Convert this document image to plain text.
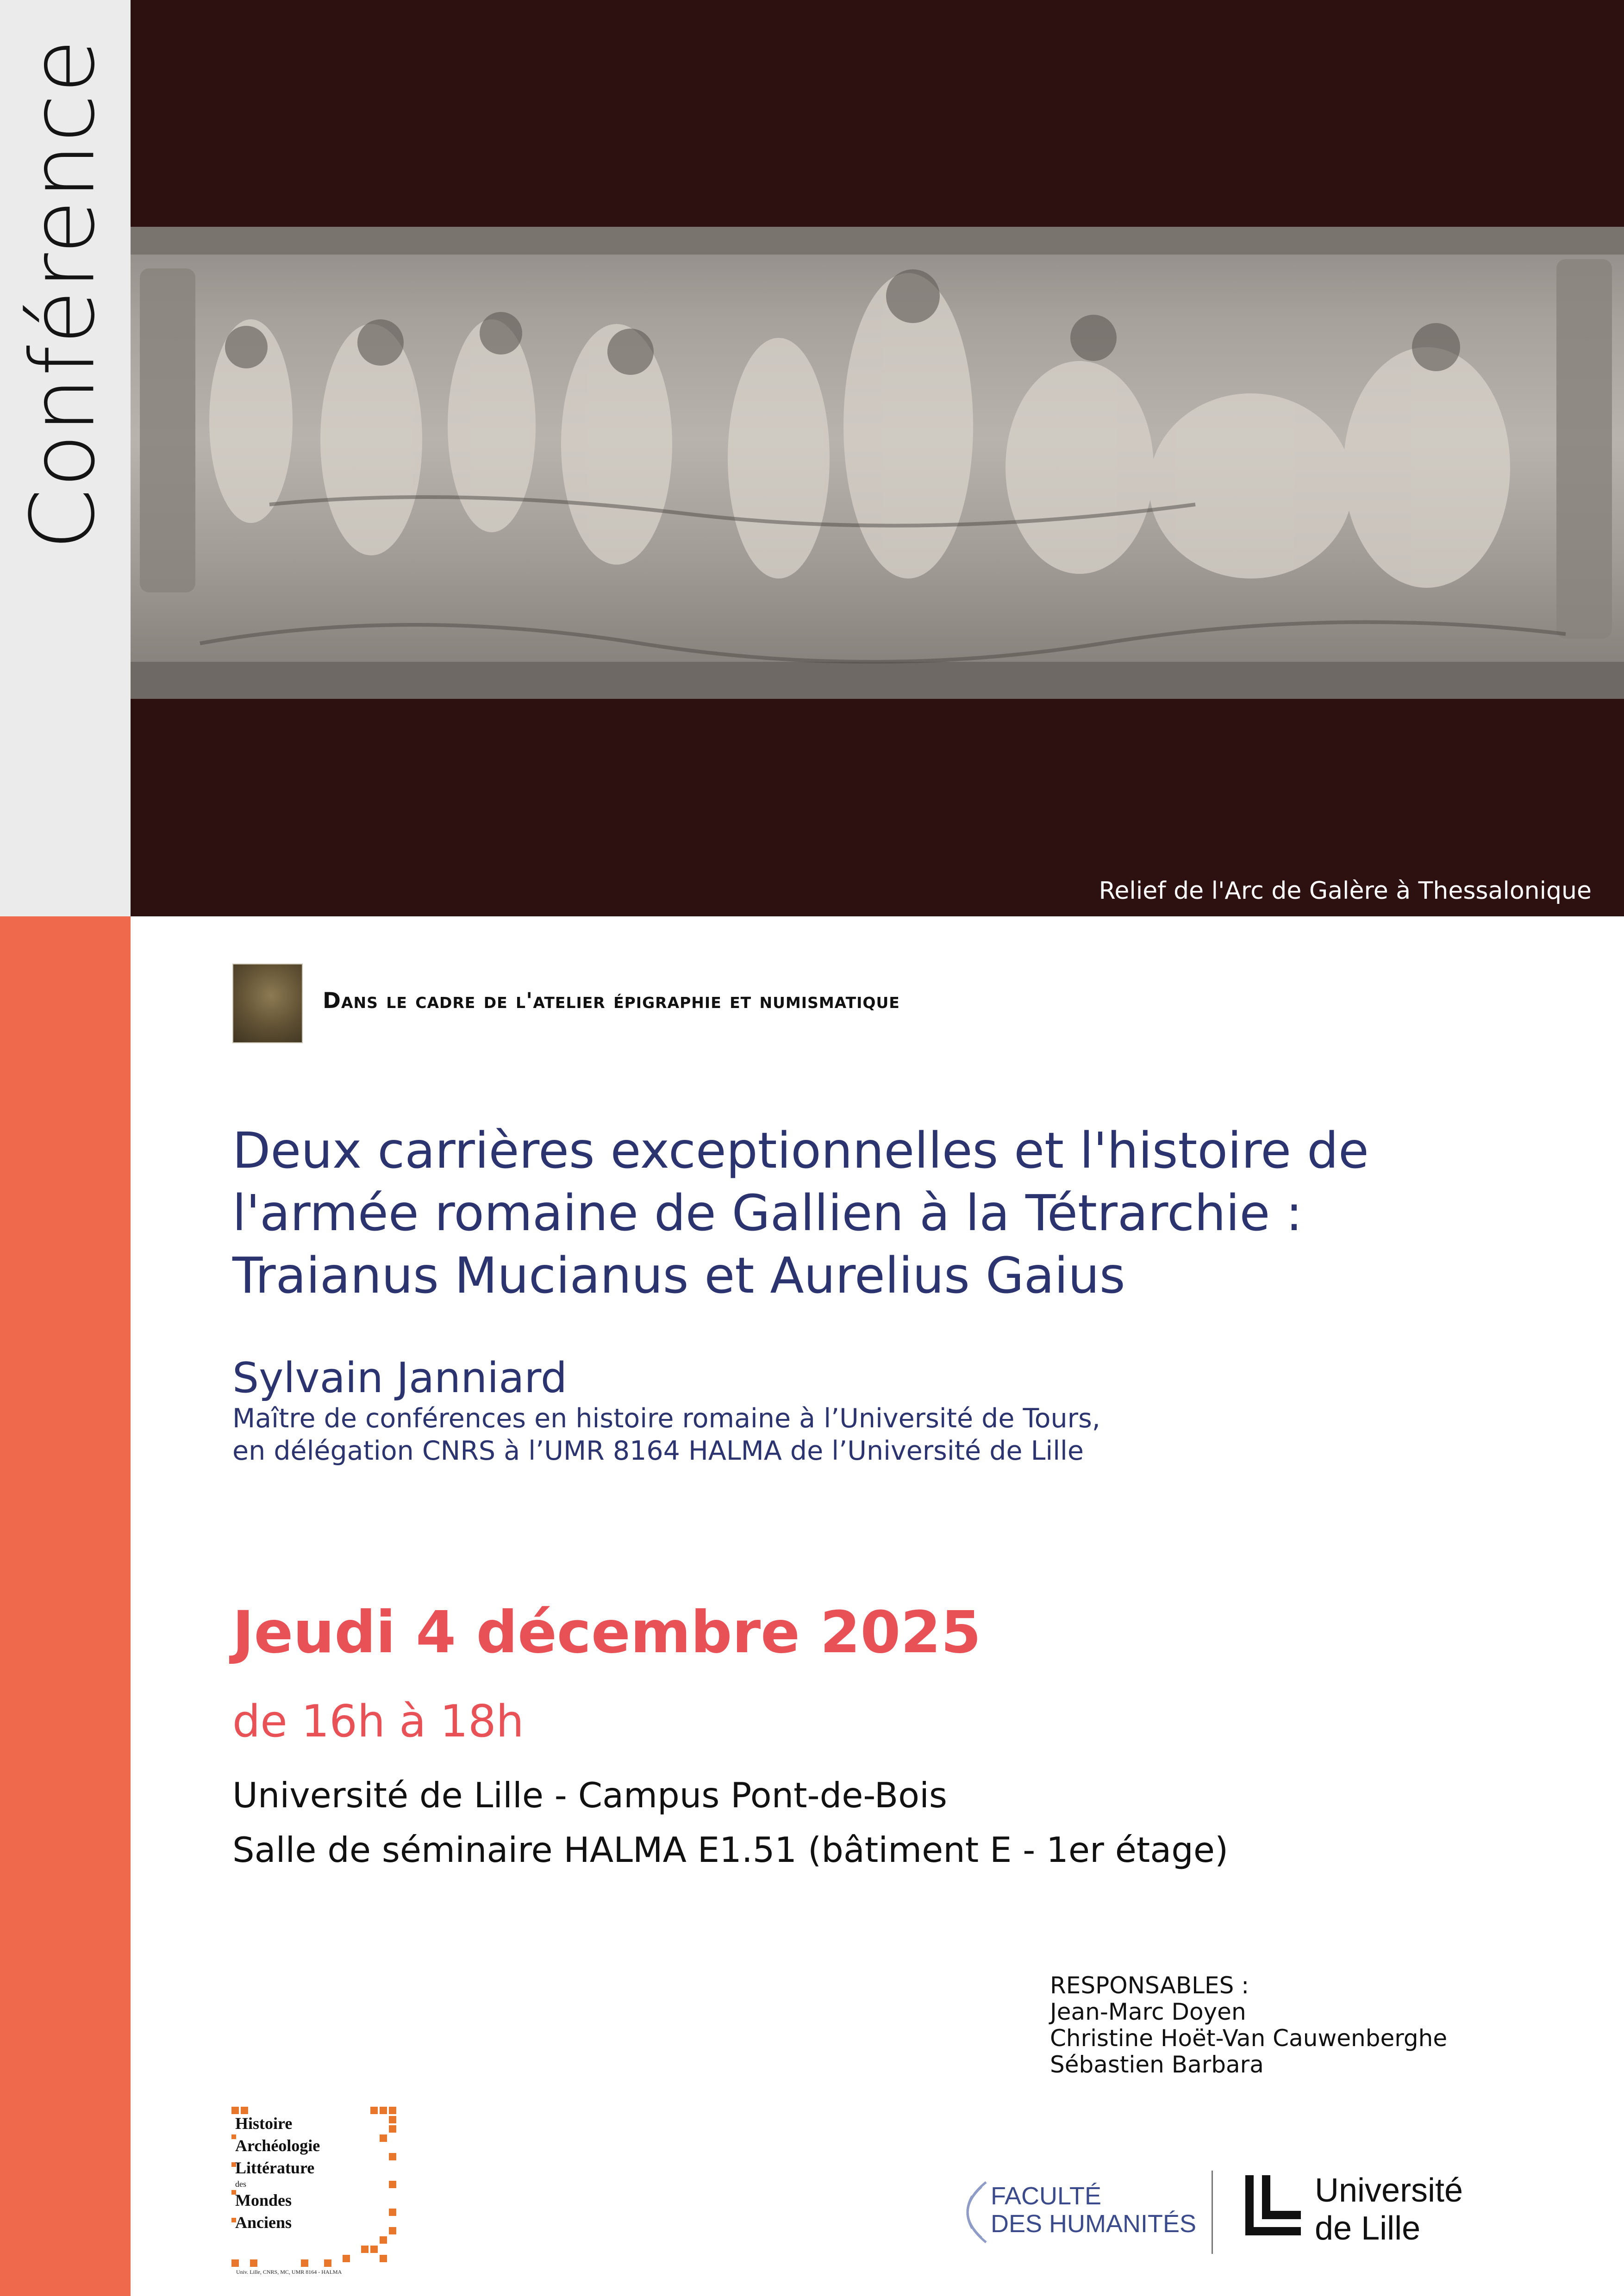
Conférence
Relief de l'Arc de Galère à Thessalonique
Dans le cadre de l'atelier épigraphie et numismatique
Deux carrières exceptionnelles et l'histoire de
l'armée romaine de Gallien à la Tétrarchie :
Traianus Mucianus et Aurelius Gaius
Sylvain Janniard
Maître de conférences en histoire romaine à l’Université de Tours,
en délégation CNRS à l’UMR 8164 HALMA de l’Université de Lille
Jeudi 4 décembre 2025
de 16h à 18h
Université de Lille - Campus Pont-de-Bois
Salle de séminaire HALMA E1.51 (bâtiment E - 1er étage)
RESPONSABLES :
Jean-Marc Doyen
Christine Hoët-Van Cauwenberghe
Sébastien Barbara
Histoire
Archéologie
Littérature
des
Mondes
Anciens
Univ. Lille, CNRS, MC, UMR 8164 - HALMA
FACULTÉ
DES HUMANITÉS
Université
de Lille
